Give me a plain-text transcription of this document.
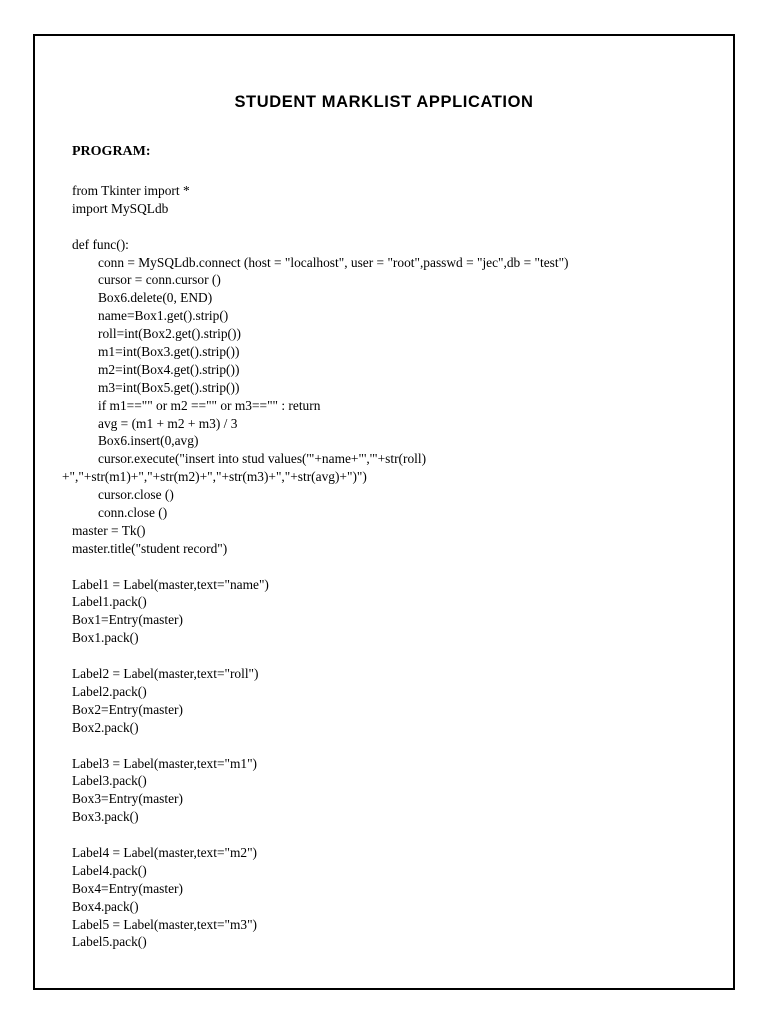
STUDENT MARKLIST APPLICATION
PROGRAM:
from Tkinter import *
import MySQLdb
def func():
conn = MySQLdb.connect (host = "localhost", user = "root",passwd = "jec",db = "test")
cursor = conn.cursor ()
Box6.delete(0, END)
name=Box1.get().strip()
roll=int(Box2.get().strip())
m1=int(Box3.get().strip())
m2=int(Box4.get().strip())
m3=int(Box5.get().strip())
if m1=="" or m2 =="" or m3=="" : return
avg = (m1 + m2 + m3) / 3
Box6.insert(0,avg)
cursor.execute("insert into stud values('"+name+"','"+str(roll)
+","+str(m1)+","+str(m2)+","+str(m3)+","+str(avg)+")")
cursor.close ()
conn.close ()
master = Tk()
master.title("student record")
Label1 = Label(master,text="name")
Label1.pack()
Box1=Entry(master)
Box1.pack()
Label2 = Label(master,text="roll")
Label2.pack()
Box2=Entry(master)
Box2.pack()
Label3 = Label(master,text="m1")
Label3.pack()
Box3=Entry(master)
Box3.pack()
Label4 = Label(master,text="m2")
Label4.pack()
Box4=Entry(master)
Box4.pack()
Label5 = Label(master,text="m3")
Label5.pack()
